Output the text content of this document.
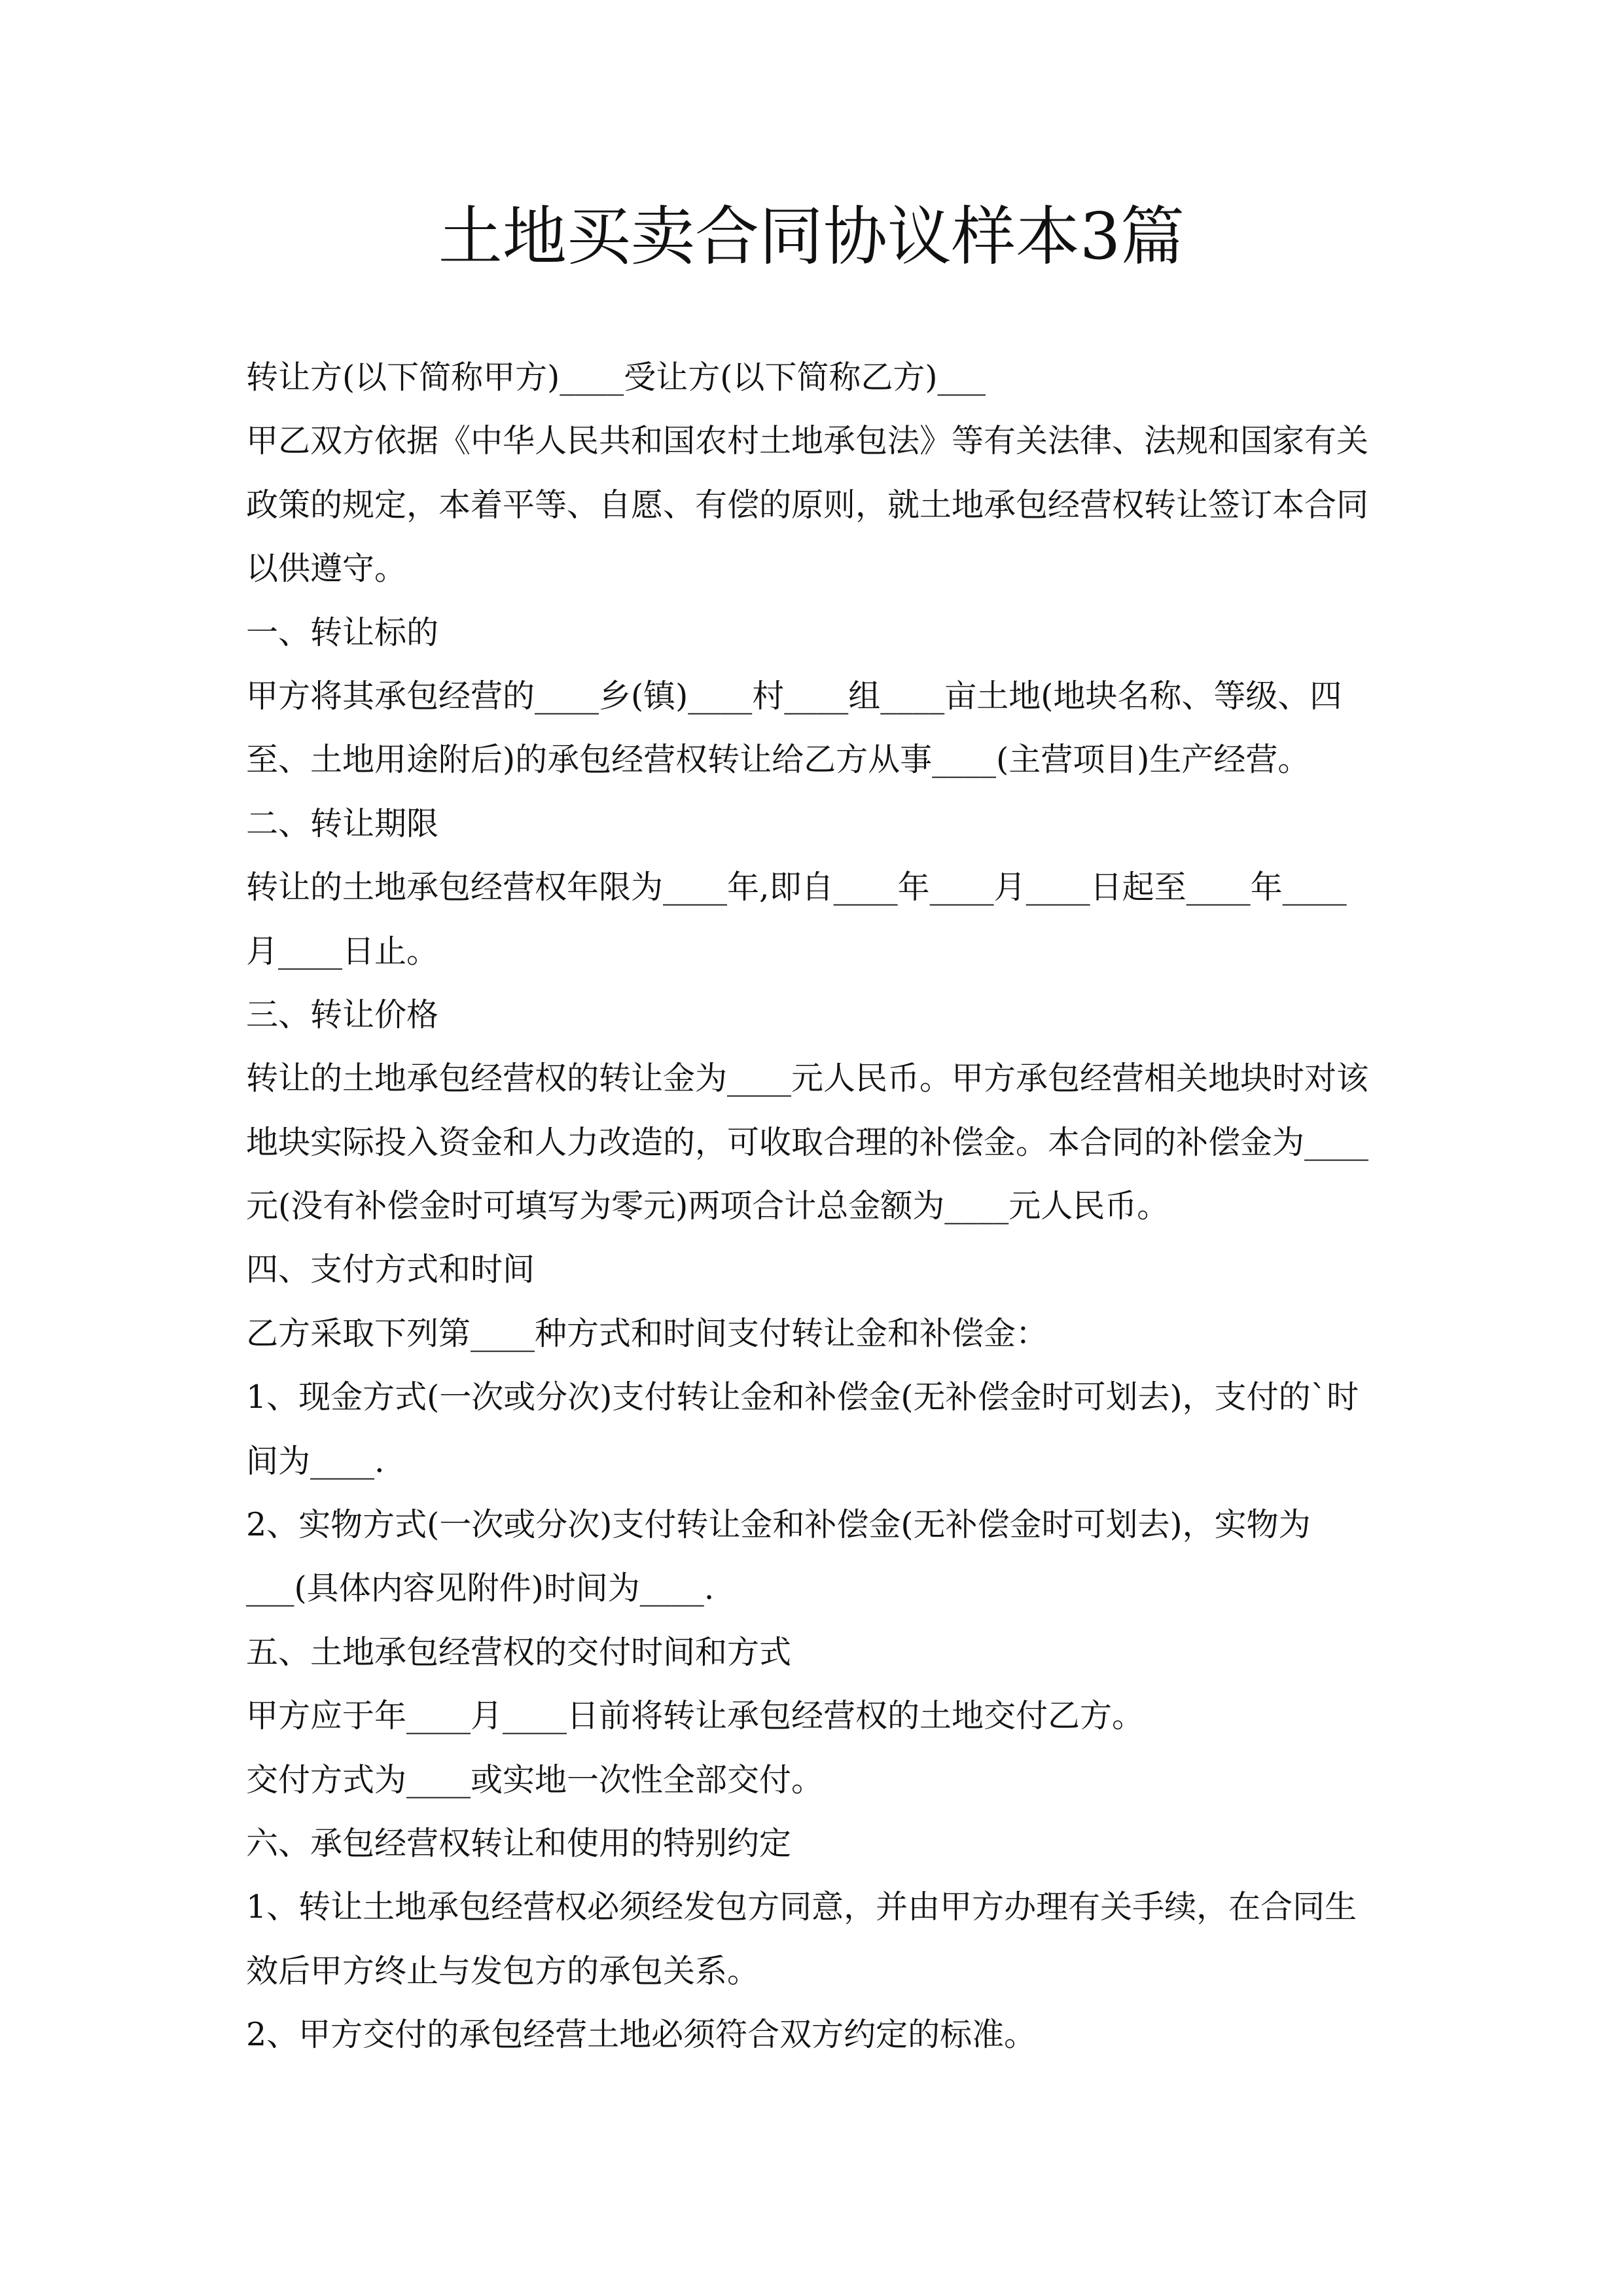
土地买卖合同协议样本3篇
转让方(以下简称甲方)____受让方(以下简称乙方)___
甲乙双方依据《中华人民共和国农村土地承包法》等有关法律、法规和国家有关
政策的规定，本着平等、自愿、有偿的原则，就土地承包经营权转让签订本合同
以供遵守。
一、转让标的
甲方将其承包经营的____乡(镇)____村____组____亩土地(地块名称、等级、四
至、土地用途附后)的承包经营权转让给乙方从事____(主营项目)生产经营。
二、转让期限
转让的土地承包经营权年限为____年,即自____年____月____日起至____年____
月____日止。
三、转让价格
转让的土地承包经营权的转让金为____元人民币。甲方承包经营相关地块时对该
地块实际投入资金和人力改造的，可收取合理的补偿金。本合同的补偿金为____
元(没有补偿金时可填写为零元)两项合计总金额为____元人民币。
四、支付方式和时间
乙方采取下列第____种方式和时间支付转让金和补偿金：
1、现金方式(一次或分次)支付转让金和补偿金(无补偿金时可划去)，支付的`时
间为____.
2、实物方式(一次或分次)支付转让金和补偿金(无补偿金时可划去)，实物为
___(具体内容见附件)时间为____.
五、土地承包经营权的交付时间和方式
甲方应于年____月____日前将转让承包经营权的土地交付乙方。
交付方式为____或实地一次性全部交付。
六、承包经营权转让和使用的特别约定
1、转让土地承包经营权必须经发包方同意，并由甲方办理有关手续，在合同生
效后甲方终止与发包方的承包关系。
2、甲方交付的承包经营土地必须符合双方约定的标准。
